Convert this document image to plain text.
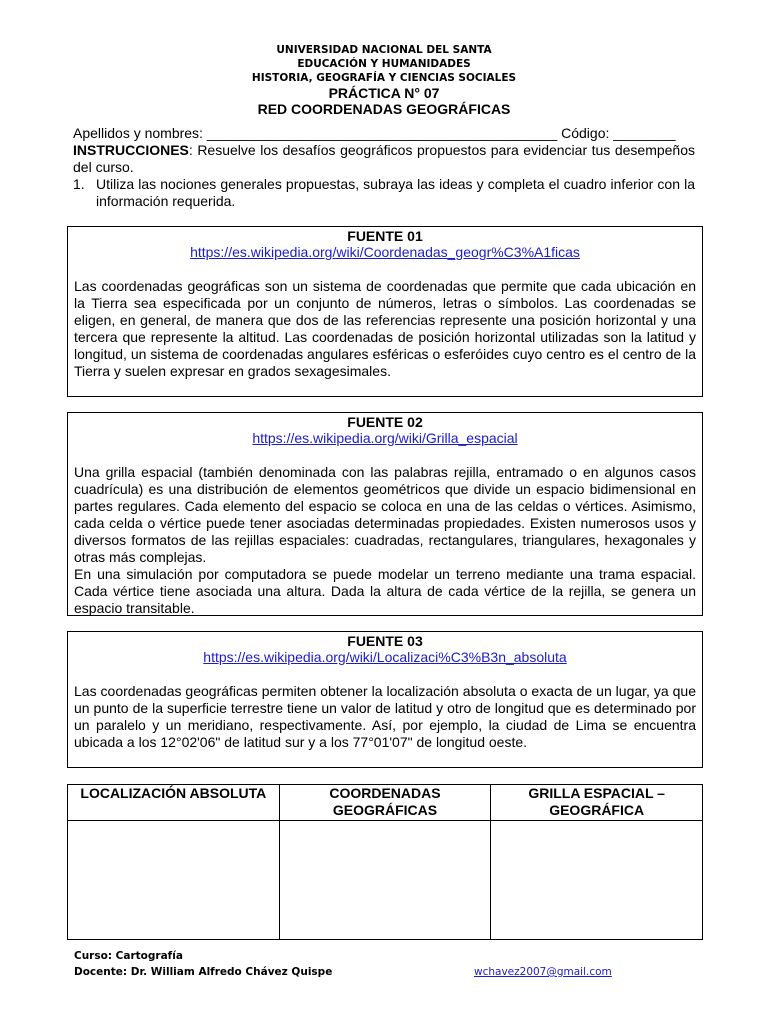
UNIVERSIDAD NACIONAL DEL SANTA
EDUCACIÓN Y HUMANIDADES
HISTORIA, GEOGRAFÍA Y CIENCIAS SOCIALES
PRÁCTICA N° 07
RED COORDENADAS GEOGRÁFICAS
Apellidos y nombres: _____________________________________________ Código: ________
INSTRUCCIONES: Resuelve los desafíos geográficos propuestos para evidenciar tus desempeños del curso.
1. Utiliza las nociones generales propuestas, subraya las ideas y completa el cuadro inferior con la información requerida.
FUENTE 01
https://es.wikipedia.org/wiki/Coordenadas_geogr%C3%A1ficas
Las coordenadas geográficas son un sistema de coordenadas que permite que cada ubicación en la Tierra sea especificada por un conjunto de números, letras o símbolos. Las coordenadas se eligen, en general, de manera que dos de las referencias represente una posición horizontal y una tercera que represente la altitud. Las coordenadas de posición horizontal utilizadas son la latitud y longitud, un sistema de coordenadas angulares esféricas o esferóides cuyo centro es el centro de la Tierra y suelen expresar en grados sexagesimales.
FUENTE 02
https://es.wikipedia.org/wiki/Grilla_espacial
Una grilla espacial (también denominada con las palabras rejilla, entramado o en algunos casos cuadrícula) es una distribución de elementos geométricos que divide un espacio bidimensional en partes regulares. Cada elemento del espacio se coloca en una de las celdas o vértices. Asimismo, cada celda o vértice puede tener asociadas determinadas propiedades. Existen numerosos usos y diversos formatos de las rejillas espaciales: cuadradas, rectangulares, triangulares, hexagonales y otras más complejas.
En una simulación por computadora se puede modelar un terreno mediante una trama espacial. Cada vértice tiene asociada una altura. Dada la altura de cada vértice de la rejilla, se genera un espacio transitable.
FUENTE 03
https://es.wikipedia.org/wiki/Localizaci%C3%B3n_absoluta
Las coordenadas geográficas permiten obtener la localización absoluta o exacta de un lugar, ya que un punto de la superficie terrestre tiene un valor de latitud y otro de longitud que es determinado por un paralelo y un meridiano, respectivamente. Así, por ejemplo, la ciudad de Lima se encuentra ubicada a los 12°02'06" de latitud sur y a los 77°01'07" de longitud oeste.
LOCALIZACIÓN ABSOLUTA	COORDENADAS GEOGRÁFICAS	GRILLA ESPACIAL – GEOGRÁFICA

Curso: Cartografía
Docente: Dr. William Alfredo Chávez Quispe	wchavez2007@gmail.com
